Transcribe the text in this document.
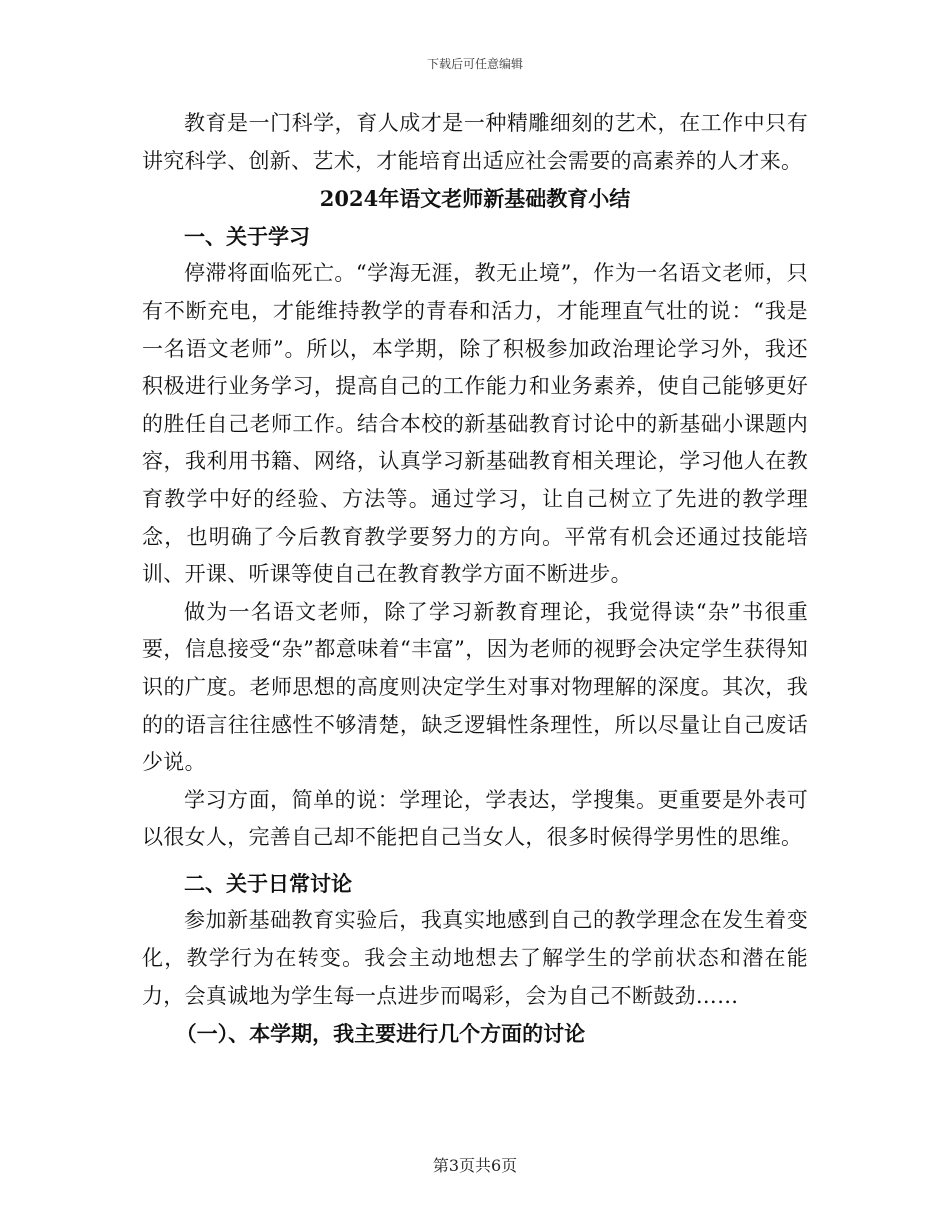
下载后可任意编辑

教育是一门科学，育人成才是一种精雕细刻的艺术，在工作中只有讲究科学、创新、艺术，才能培育出适应社会需要的高素养的人才来。

2024年语文老师新基础教育小结

一、关于学习

停滞将面临死亡。“学海无涯，教无止境”，作为一名语文老师，只有不断充电，才能维持教学的青春和活力，才能理直气壮的说：“我是一名语文老师”。所以，本学期，除了积极参加政治理论学习外，我还积极进行业务学习，提高自己的工作能力和业务素养，使自己能够更好的胜任自己老师工作。结合本校的新基础教育讨论中的新基础小课题内容，我利用书籍、网络，认真学习新基础教育相关理论，学习他人在教育教学中好的经验、方法等。通过学习，让自己树立了先进的教学理念，也明确了今后教育教学要努力的方向。平常有机会还通过技能培训、开课、听课等使自己在教育教学方面不断进步。

做为一名语文老师，除了学习新教育理论，我觉得读“杂”书很重要，信息接受“杂”都意味着“丰富”，因为老师的视野会决定学生获得知识的广度。老师思想的高度则决定学生对事对物理解的深度。其次，我的的语言往往感性不够清楚，缺乏逻辑性条理性，所以尽量让自己废话少说。

学习方面，简单的说：学理论，学表达，学搜集。更重要是外表可以很女人，完善自己却不能把自己当女人，很多时候得学男性的思维。

二、关于日常讨论

参加新基础教育实验后，我真实地感到自己的教学理念在发生着变化，教学行为在转变。我会主动地想去了解学生的学前状态和潜在能力，会真诚地为学生每一点进步而喝彩，会为自己不断鼓劲……

（一）、本学期，我主要进行几个方面的讨论

第3页共6页
